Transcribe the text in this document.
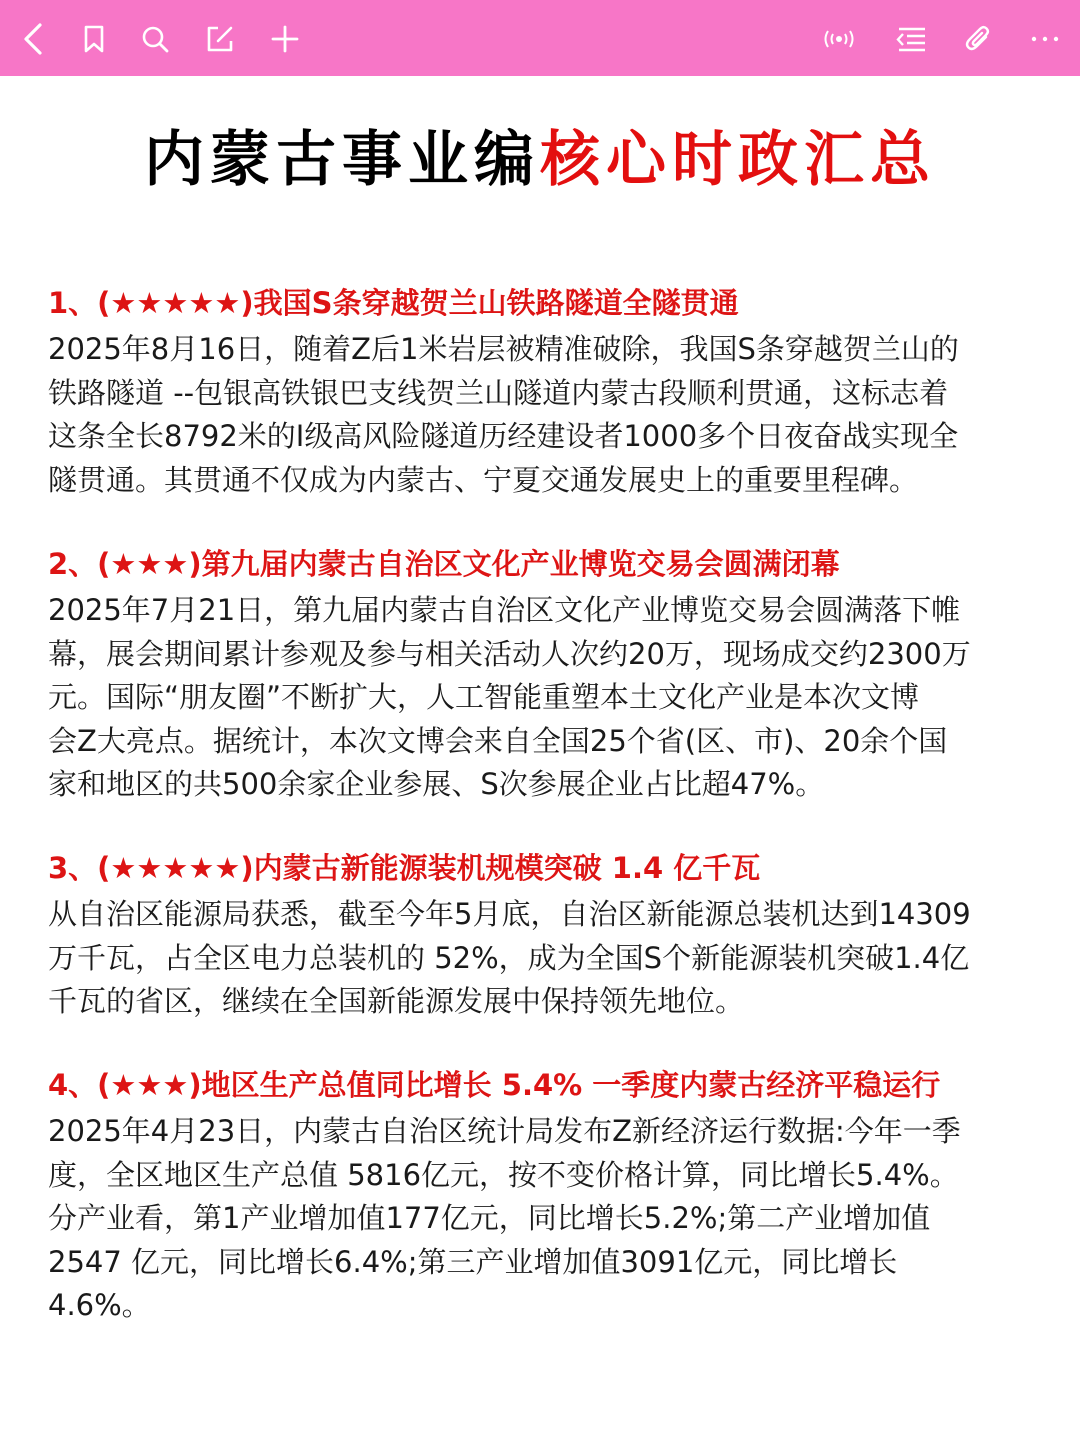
内蒙古事业编核心时政汇总
1、(★★★★★)我国S条穿越贺兰山铁路隧道全隧贯通
2025年8月16日，随着Z后1米岩层被精准破除，我国S条穿越贺兰山的
铁路隧道 --包银高铁银巴支线贺兰山隧道内蒙古段顺利贯通，这标志着
这条全长8792米的I级高风险隧道历经建设者1000多个日夜奋战实现全
隧贯通。其贯通不仅成为内蒙古、宁夏交通发展史上的重要里程碑。
2、(★★★)第九届内蒙古自治区文化产业博览交易会圆满闭幕
2025年7月21日，第九届内蒙古自治区文化产业博览交易会圆满落下帷
幕，展会期间累计参观及参与相关活动人次约20万，现场成交约2300万
元。国际“朋友圈”不断扩大，人工智能重塑本土文化产业是本次文博
会Z大亮点。据统计，本次文博会来自全国25个省(区、市)、20余个国
家和地区的共500余家企业参展、S次参展企业占比超47%。
3、(★★★★★)内蒙古新能源装机规模突破 1.4 亿千瓦
从自治区能源局获悉，截至今年5月底，自治区新能源总装机达到14309
万千瓦，占全区电力总装机的 52%，成为全国S个新能源装机突破1.4亿
千瓦的省区，继续在全国新能源发展中保持领先地位。
4、(★★★)地区生产总值同比增长 5.4% 一季度内蒙古经济平稳运行
2025年4月23日，内蒙古自治区统计局发布Z新经济运行数据:今年一季
度，全区地区生产总值 5816亿元，按不变价格计算，同比增长5.4%。
分产业看，第1产业增加值177亿元，同比增长5.2%;第二产业增加值
2547 亿元，同比增长6.4%;第三产业增加值3091亿元，同比增长
4.6%。
